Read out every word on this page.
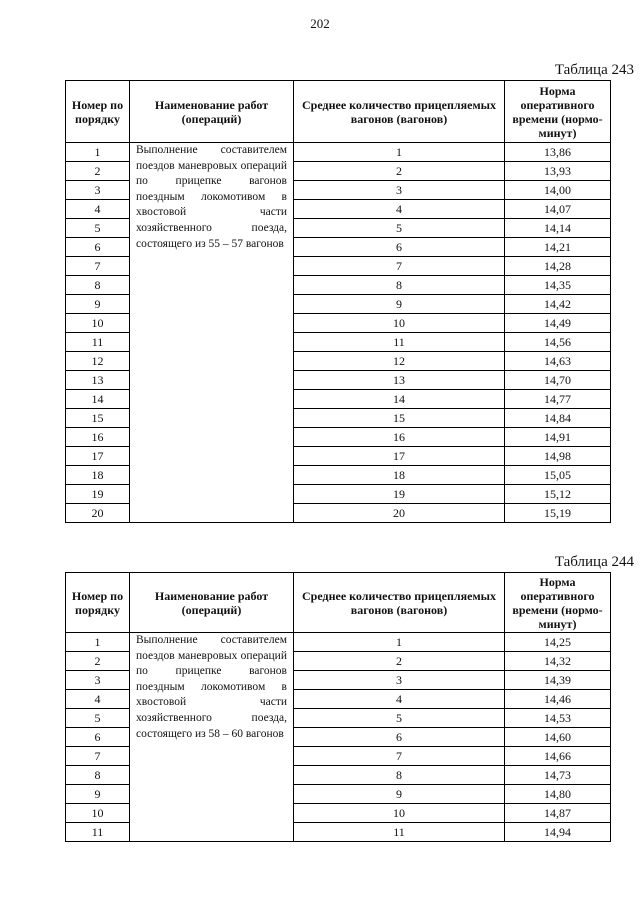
202
Таблица 243
Номер по порядку	Наименование работ (операций)	Среднее количество прицепляемых вагонов (вагонов)	Норма оперативного времени (нормо-минут)
1	Выполнение составителем поездов маневровых операций по прицепке вагонов поездным локомотивом в хвостовой части хозяйственного поезда, состоящего из 55 – 57 вагонов	1	13,86
2		2	13,93
3		3	14,00
4		4	14,07
5		5	14,14
6		6	14,21
7		7	14,28
8		8	14,35
9		9	14,42
10		10	14,49
11		11	14,56
12		12	14,63
13		13	14,70
14		14	14,77
15		15	14,84
16		16	14,91
17		17	14,98
18		18	15,05
19		19	15,12
20		20	15,19
Таблица 244
Номер по порядку	Наименование работ (операций)	Среднее количество прицепляемых вагонов (вагонов)	Норма оперативного времени (нормо-минут)
1	Выполнение составителем поездов маневровых операций по прицепке вагонов поездным локомотивом в хвостовой части хозяйственного поезда, состоящего из 58 – 60 вагонов	1	14,25
2		2	14,32
3		3	14,39
4		4	14,46
5		5	14,53
6		6	14,60
7		7	14,66
8		8	14,73
9		9	14,80
10		10	14,87
11		11	14,94
